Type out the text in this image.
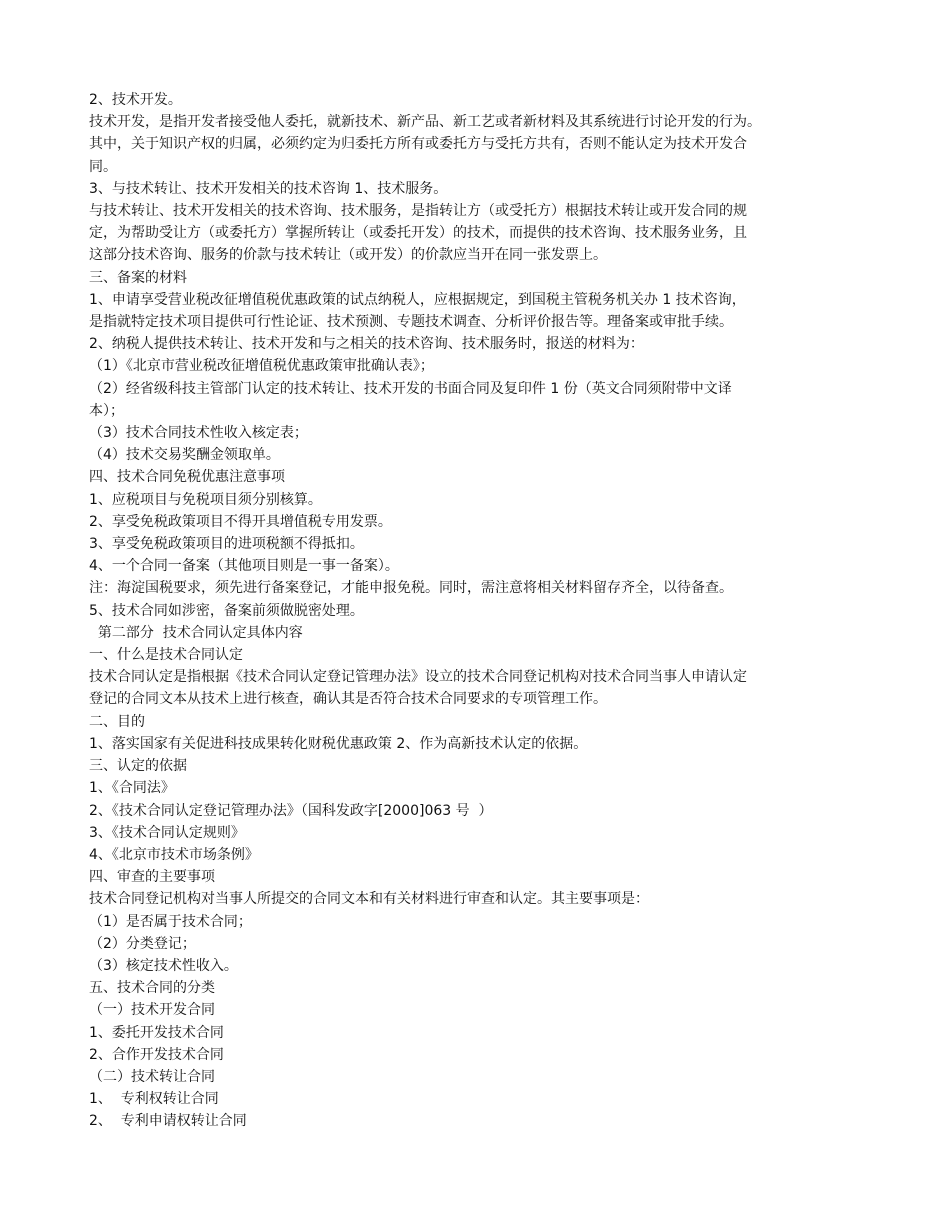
2、技术开发。
技术开发，是指开发者接受他人委托，就新技术、新产品、新工艺或者新材料及其系统进行讨论开发的行为。
其中，关于知识产权的归属，必须约定为归委托方所有或委托方与受托方共有，否则不能认定为技术开发合
同。
3、与技术转让、技术开发相关的技术咨询 1、技术服务。
与技术转让、技术开发相关的技术咨询、技术服务，是指转让方（或受托方）根据技术转让或开发合同的规
定，为帮助受让方（或委托方）掌握所转让（或委托开发）的技术，而提供的技术咨询、技术服务业务，且
这部分技术咨询、服务的价款与技术转让（或开发）的价款应当开在同一张发票上。
三、备案的材料
1、申请享受营业税改征增值税优惠政策的试点纳税人，应根据规定，到国税主管税务机关办 1 技术咨询，
是指就特定技术项目提供可行性论证、技术预测、专题技术调查、分析评价报告等。理备案或审批手续。
2、纳税人提供技术转让、技术开发和与之相关的技术咨询、技术服务时，报送的材料为：
（1）《北京市营业税改征增值税优惠政策审批确认表》；
（2）经省级科技主管部门认定的技术转让、技术开发的书面合同及复印件 1 份（英文合同须附带中文译
本）；
（3）技术合同技术性收入核定表；
（4）技术交易奖酬金领取单。
四、技术合同免税优惠注意事项
1、应税项目与免税项目须分别核算。
2、享受免税政策项目不得开具增值税专用发票。
3、享受免税政策项目的进项税额不得抵扣。
4、一个合同一备案（其他项目则是一事一备案）。
注：海淀国税要求，须先进行备案登记，才能申报免税。同时，需注意将相关材料留存齐全，以待备查。
5、技术合同如涉密，备案前须做脱密处理。
第二部分  技术合同认定具体内容
一、什么是技术合同认定
技术合同认定是指根据《技术合同认定登记管理办法》设立的技术合同登记机构对技术合同当事人申请认定
登记的合同文本从技术上进行核查，确认其是否符合技术合同要求的专项管理工作。
二、目的
1、落实国家有关促进科技成果转化财税优惠政策 2、作为高新技术认定的依据。
三、认定的依据
1、《合同法》
2、《技术合同认定登记管理办法》（国科发政字[2000]063 号  ）
3、《技术合同认定规则》
4、《北京市技术市场条例》
四、审查的主要事项
技术合同登记机构对当事人所提交的合同文本和有关材料进行审查和认定。其主要事项是：
（1）是否属于技术合同；
（2）分类登记；
（3）核定技术性收入。
五、技术合同的分类
（一）技术开发合同
1、委托开发技术合同
2、合作开发技术合同
（二）技术转让合同
1、  专利权转让合同
2、  专利申请权转让合同
